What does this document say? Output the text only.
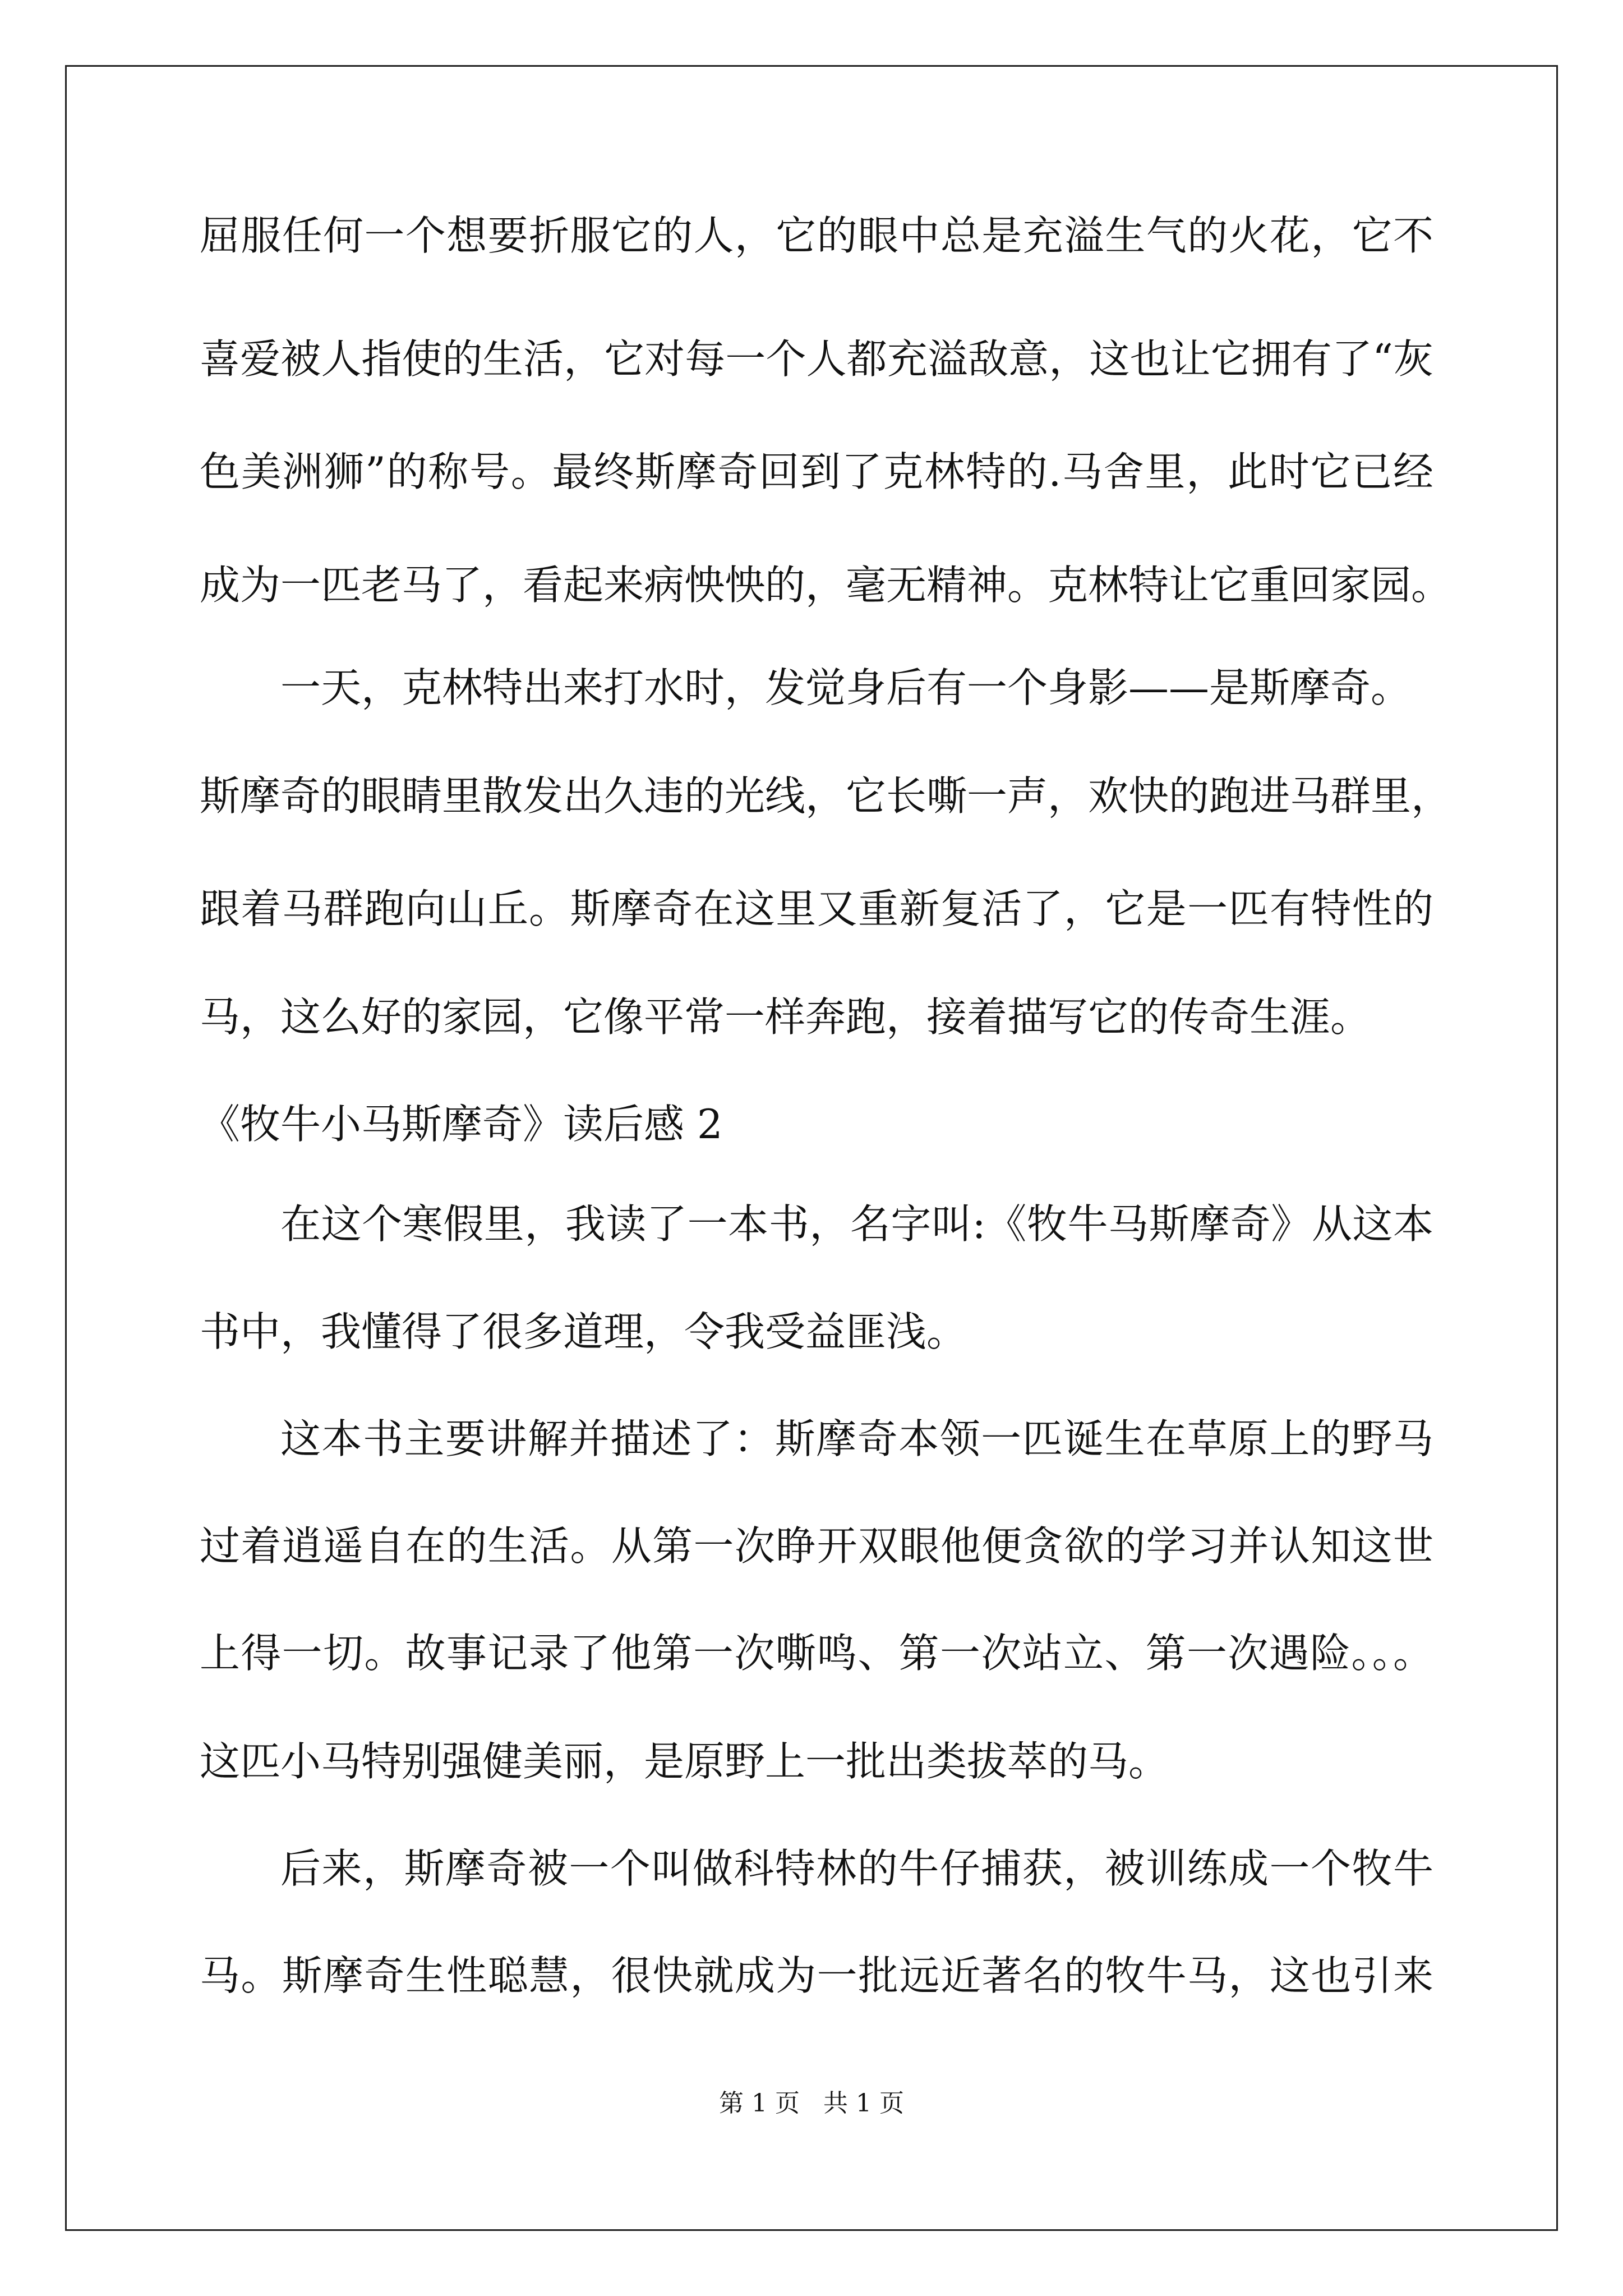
屈服任何一个想要折服它的人，它的眼中总是充溢生气的火花，它不
喜爱被人指使的生活，它对每一个人都充溢敌意，这也让它拥有了“灰
色美洲狮”的称号。最终斯摩奇回到了克林特的.马舍里，此时它已经
成为一匹老马了，看起来病怏怏的，毫无精神。克林特让它重回家园。
一天，克林特出来打水时，发觉身后有一个身影——是斯摩奇。
斯摩奇的眼睛里散发出久违的光线，它长嘶一声，欢快的跑进马群里，
跟着马群跑向山丘。斯摩奇在这里又重新复活了，它是一匹有特性的
马，这么好的家园，它像平常一样奔跑，接着描写它的传奇生涯。
《牧牛小马斯摩奇》读后感 2
在这个寒假里，我读了一本书，名字叫:《牧牛马斯摩奇》从这本
书中，我懂得了很多道理，令我受益匪浅。
这本书主要讲解并描述了：斯摩奇本领一匹诞生在草原上的野马
过着逍遥自在的生活。从第一次睁开双眼他便贪欲的学习并认知这世
上得一切。故事记录了他第一次嘶鸣、第一次站立、第一次遇险。。。
这匹小马特别强健美丽，是原野上一批出类拔萃的马。
后来，斯摩奇被一个叫做科特林的牛仔捕获，被训练成一个牧牛
马。斯摩奇生性聪慧，很快就成为一批远近著名的牧牛马，这也引来
第 1 页   共 1 页
